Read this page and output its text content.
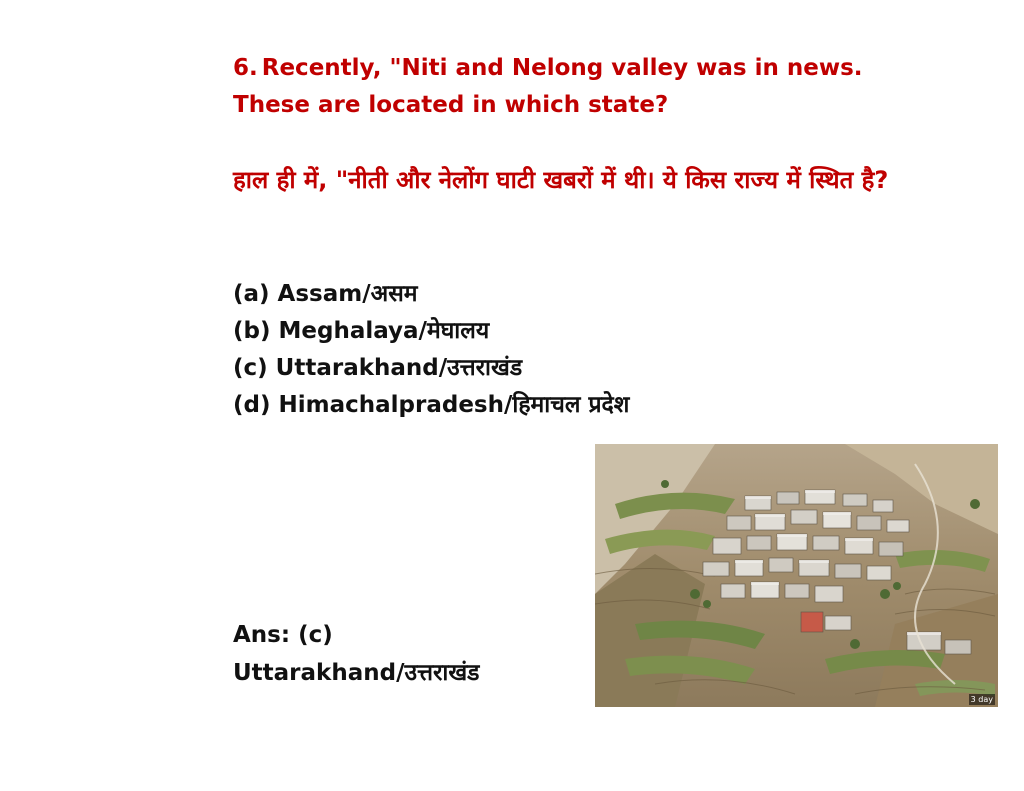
6. Recently, "Niti and Nelong valley was in news. These are located in which state?
हाल ही में, "नीती और नेलोंग घाटी खबरों में थी। ये किस राज्य में स्थित है?
(a) Assam/असम
(b) Meghalaya/मेघालय
(c) Uttarakhand/उत्तराखंड
(d) Himachalpradesh/हिमाचल प्रदेश
Ans: (c)
Uttarakhand/उत्तराखंड
3 day
